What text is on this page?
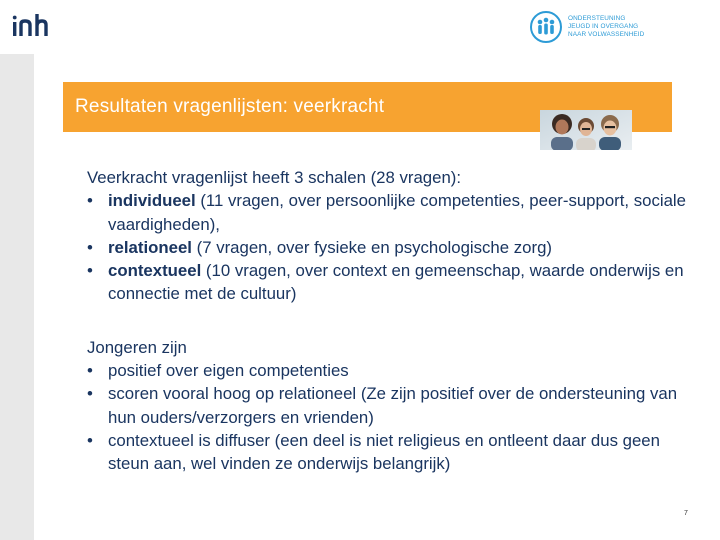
ONDERSTEUNING
JEUGD IN OVERGANG
NAAR VOLWASSENHEID
Resultaten vragenlijsten: veerkracht
Veerkracht vragenlijst heeft 3 schalen (28 vragen):
• individueel (11 vragen, over persoonlijke competenties, peer-support, sociale vaardigheden),
• relationeel (7 vragen, over fysieke en psychologische zorg)
• contextueel (10 vragen, over context en gemeenschap, waarde onderwijs en connectie met de cultuur)
Jongeren zijn
• positief over eigen competenties
• scoren vooral hoog op relationeel (Ze zijn positief over de ondersteuning van hun ouders/verzorgers en vrienden)
• contextueel is diffuser (een deel is niet religieus en ontleent daar dus geen steun aan, wel vinden ze onderwijs belangrijk)
7
